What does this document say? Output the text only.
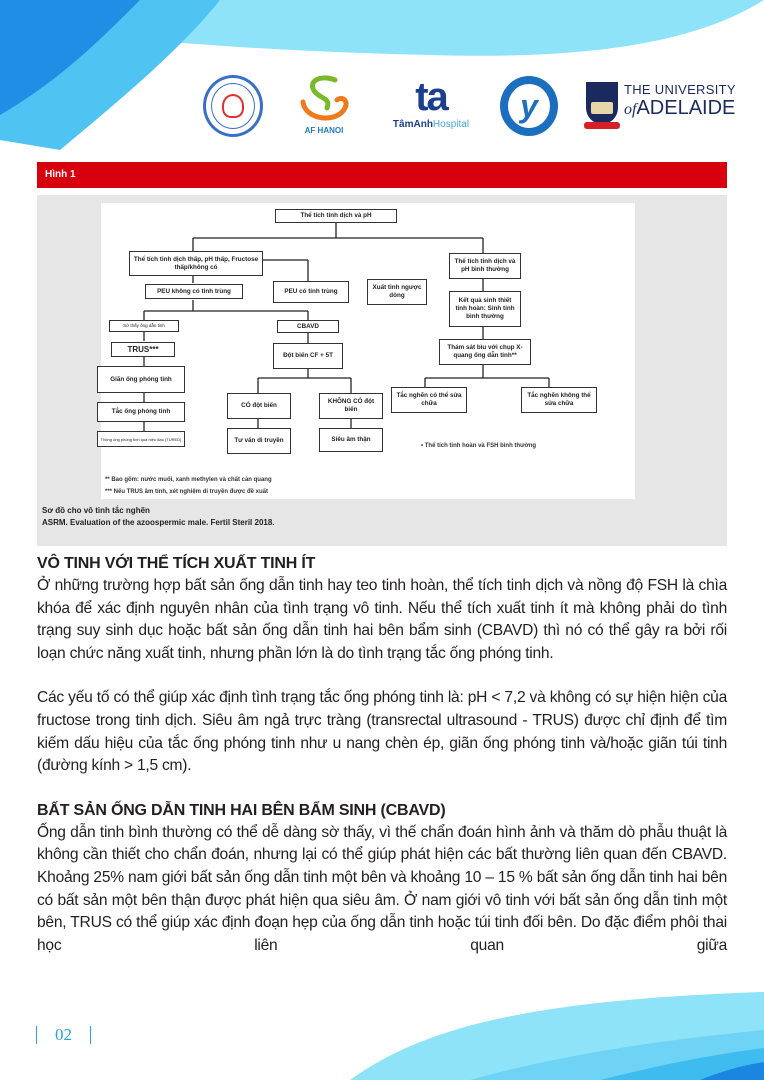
AF HANOI
ta
TâmAnhHospital
y	THE UNIVERSITY
ofADELAIDE
Hình 1
Thể tích tinh dịch và pH
Thể tích tinh dịch thấp, pH thấp, Fructose thấp/không có
PEU không có tinh trùng	PEU có tinh trùng
Xuất tinh ngược dòng
Sờ thấy ống dẫn tinh
TRUS***
Giãn ống phóng tinh
Tắc ống phóng tinh
Thông ống phóng tinh qua niệu đạo (TURED)
CBAVD
Đột biến CF + 5T
CÓ đột biến
KHÔNG CÓ đột biến
Tư vấn di truyền	Siêu âm thận
Thể tích tinh dịch và pH bình thường
Kết quả sinh thiết tinh hoàn: Sinh tinh bình thường
Thám sát bìu với chụp X-quang ống dẫn tinh**
Tắc nghẽn có thể sửa chữa
Tắc nghẽn không thể sửa chữa
• Thể tích tinh hoàn và FSH bình thường
** Bao gồm: nước muối, xanh methylen và chất cản quang
*** Nếu TRUS âm tính, xét nghiệm di truyền được đề xuất
Sơ đồ cho vô tinh tắc nghẽn
ASRM. Evaluation of the azoospermic male. Fertil Steril 2018.
VÔ TINH VỚI THỂ TÍCH XUẤT TINH ÍT

Ở những trường hợp bất sản ống dẫn tinh hay teo tinh hoàn, thể tích tinh dịch và nồng độ FSH là chìa khóa để xác định nguyên nhân của tình trạng vô tinh. Nếu thể tích xuất tinh ít mà không phải do tình trạng suy sinh dục hoặc bất sản ống dẫn tinh hai bên bẩm sinh (CBAVD) thì nó có thể gây ra bởi rối loạn chức năng xuất tinh, nhưng phần lớn là do tình trạng tắc ống phóng tinh.

Các yếu tố có thể giúp xác định tình trạng tắc ống phóng tinh là: pH < 7,2 và không có sự hiện hiện của fructose trong tinh dịch. Siêu âm ngả trực tràng (transrectal ultrasound - TRUS) được chỉ định để tìm kiếm dấu hiệu của tắc ống phóng tinh như u nang chèn ép, giãn ống phóng tinh và/hoặc giãn túi tinh (đường kính > 1,5 cm).

BẤT SẢN ỐNG DẪN TINH HAI BÊN BẨM SINH (CBAVD)

Ống dẫn tinh bình thường có thể dễ dàng sờ thấy, vì thế chẩn đoán hình ảnh và thăm dò phẫu thuật là không cần thiết cho chẩn đoán, nhưng lại có thể giúp phát hiện các bất thường liên quan đến CBAVD. Khoảng 25% nam giới bất sản ống dẫn tinh một bên và khoảng 10 – 15 % bất sản ống dẫn tinh hai bên có bất sản một bên thận được phát hiện qua siêu âm. Ở nam giới vô tinh với bất sản ống dẫn tinh một bên, TRUS có thể giúp xác định đoạn hẹp của ống dẫn tinh hoặc túi tinh đối bên. Do đặc điểm phôi thai học liên quan giữa

02
